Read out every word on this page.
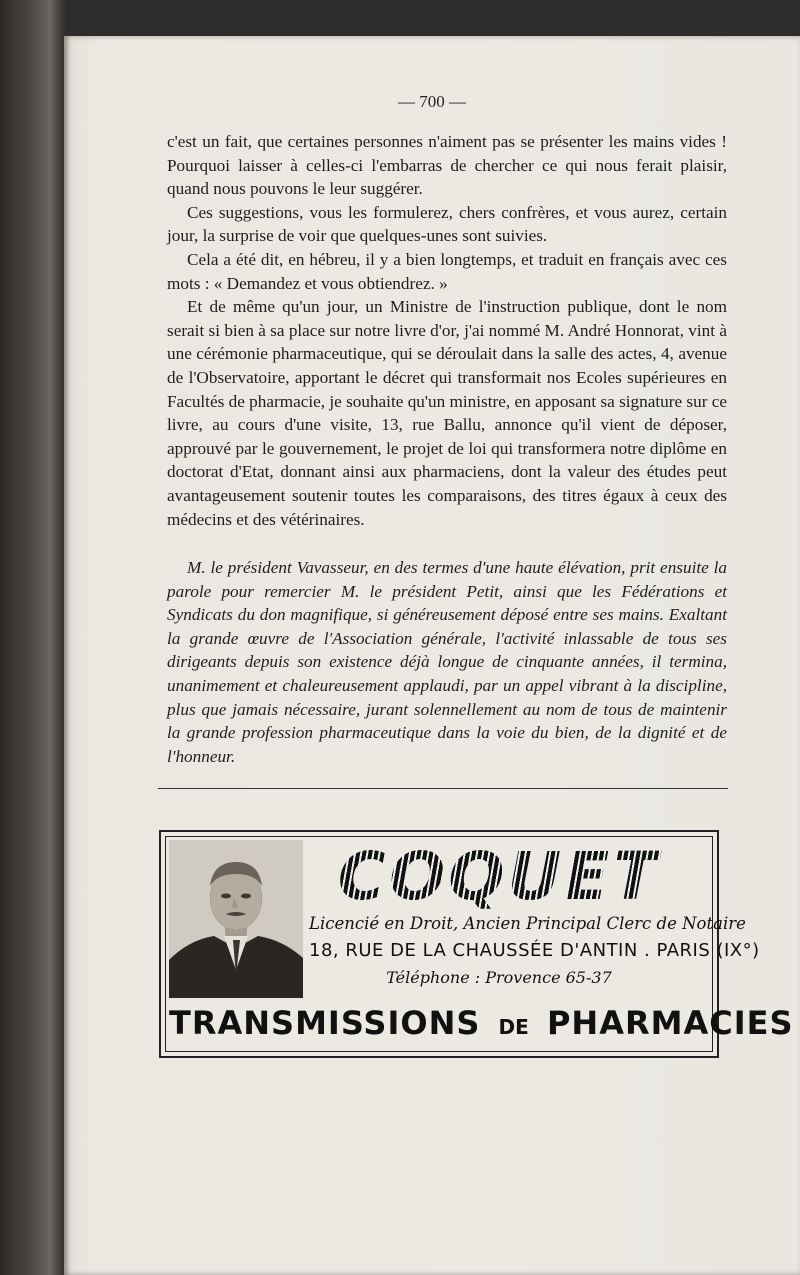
— 700 —

c'est un fait, que certaines personnes n'aiment pas se présenter les mains vides ! Pourquoi laisser à celles-ci l'embarras de chercher ce qui nous ferait plaisir, quand nous pouvons le leur suggérer.

Ces suggestions, vous les formulerez, chers confrères, et vous aurez, certain jour, la surprise de voir que quelques-unes sont suivies.

Cela a été dit, en hébreu, il y a bien longtemps, et traduit en français avec ces mots : « Demandez et vous obtiendrez. »

Et de même qu'un jour, un Ministre de l'instruction publique, dont le nom serait si bien à sa place sur notre livre d'or, j'ai nommé M. André Honnorat, vint à une cérémonie pharmaceutique, qui se déroulait dans la salle des actes, 4, avenue de l'Observatoire, apportant le décret qui transformait nos Ecoles supérieures en Facultés de pharmacie, je souhaite qu'un ministre, en apposant sa signature sur ce livre, au cours d'une visite, 13, rue Ballu, annonce qu'il vient de déposer, approuvé par le gouvernement, le projet de loi qui transformera notre diplôme en doctorat d'Etat, donnant ainsi aux pharmaciens, dont la valeur des études peut avantageusement soutenir toutes les comparaisons, des titres égaux à ceux des médecins et des vétérinaires.

M. le président Vavasseur, en des termes d'une haute élévation, prit ensuite la parole pour remercier M. le président Petit, ainsi que les Fédérations et Syndicats du don magnifique, si généreusement déposé entre ses mains. Exaltant la grande œuvre de l'Association générale, l'activité inlassable de tous ses dirigeants depuis son existence déjà longue de cinquante années, il termina, unanimement et chaleureusement applaudi, par un appel vibrant à la discipline, plus que jamais nécessaire, jurant solennellement au nom de tous de maintenir la grande profession pharmaceutique dans la voie du bien, de la dignité et de l'honneur.
COQUET
Licencié en Droit, Ancien Principal Clerc de Notaire
18, RUE DE LA CHAUSSÉE D'ANTIN . PARIS (IX°)
Téléphone : Provence 65-37
TRANSMISSIONS DE PHARMACIES
